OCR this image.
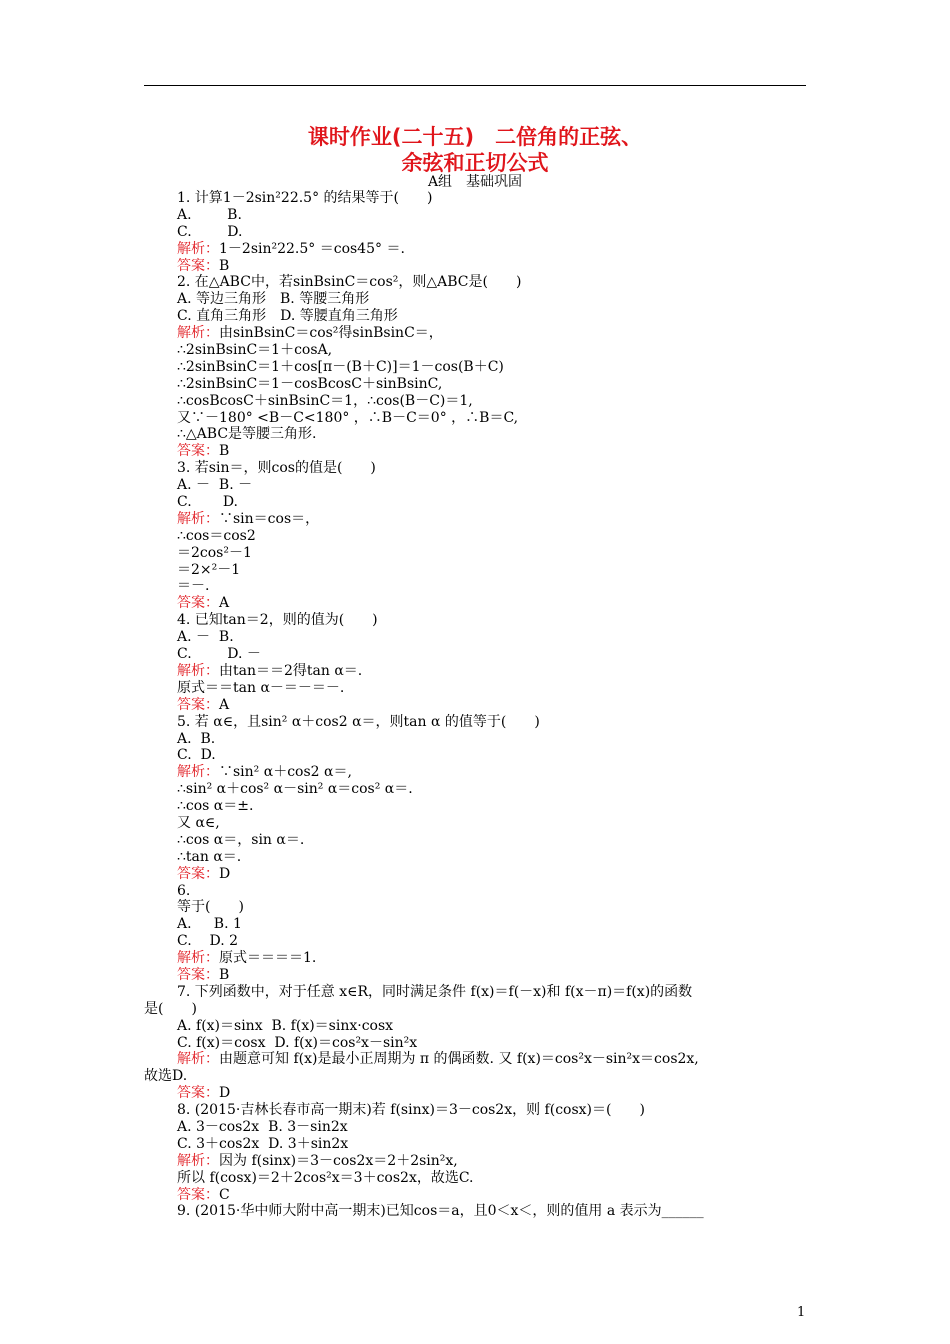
课时作业(二十五)　二倍角的正弦、
余弦和正切公式
A组　基础巩固
1. 计算1－2sin²22.5° 的结果等于(　　)
A.        B.
C.        D.
解析：1－2sin²22.5° ＝cos45° ＝.
答案：B
2. 在△ABC中，若sinBsinC＝cos²，则△ABC是(　　)
A. 等边三角形　B. 等腰三角形
C. 直角三角形　D. 等腰直角三角形
解析：由sinBsinC＝cos²得sinBsinC＝，
∴2sinBsinC＝1＋cosA,
∴2sinBsinC＝1＋cos[π－(B＋C)]＝1－cos(B＋C)
∴2sinBsinC＝1－cosBcosC＋sinBsinC,
∴cosBcosC＋sinBsinC＝1，∴cos(B－C)＝1,
又∵－180° <B－C<180° ，∴B－C＝0° ，∴B＝C,
∴△ABC是等腰三角形.
答案：B
3. 若sin＝，则cos的值是(　　)
A. －  B. －
C.       D.
解析：∵sin＝cos＝，
∴cos＝cos2
＝2cos²－1
＝2×²－1
＝－.
答案：A
4. 已知tan＝2，则的值为(　　)
A. －  B.
C.        D. －
解析：由tan＝＝2得tan α＝.
原式＝＝tan α－＝－＝－.
答案：A
5. 若 α∈，且sin² α＋cos2 α＝，则tan α 的值等于(　　)
A.  B.
C.  D.
解析：∵sin² α＋cos2 α＝,
∴sin² α＋cos² α－sin² α＝cos² α＝.
∴cos α＝±.
又 α∈,
∴cos α＝，sin α＝.
∴tan α＝.
答案：D
6.
等于(　　)
A.     B. 1
C.    D. 2
解析：原式＝＝＝＝1.
答案：B
7. 下列函数中，对于任意 x∈R，同时满足条件 f(x)＝f(－x)和 f(x－π)＝f(x)的函数
是(　　)
A. f(x)＝sinx  B. f(x)＝sinx·cosx
C. f(x)＝cosx  D. f(x)＝cos²x－sin²x
解析：由题意可知 f(x)是最小正周期为 π 的偶函数. 又 f(x)＝cos²x－sin²x＝cos2x,
故选D.
答案：D
8. (2015·吉林长春市高一期末)若 f(sinx)＝3－cos2x，则 f(cosx)＝(　　)
A. 3－cos2x  B. 3－sin2x
C. 3＋cos2x  D. 3＋sin2x
解析：因为 f(sinx)＝3－cos2x＝2＋2sin²x,
所以 f(cosx)＝2＋2cos²x＝3＋cos2x，故选C.
答案：C
9. (2015·华中师大附中高一期末)已知cos＝a，且0＜x＜，则的值用 a 表示为______
1
